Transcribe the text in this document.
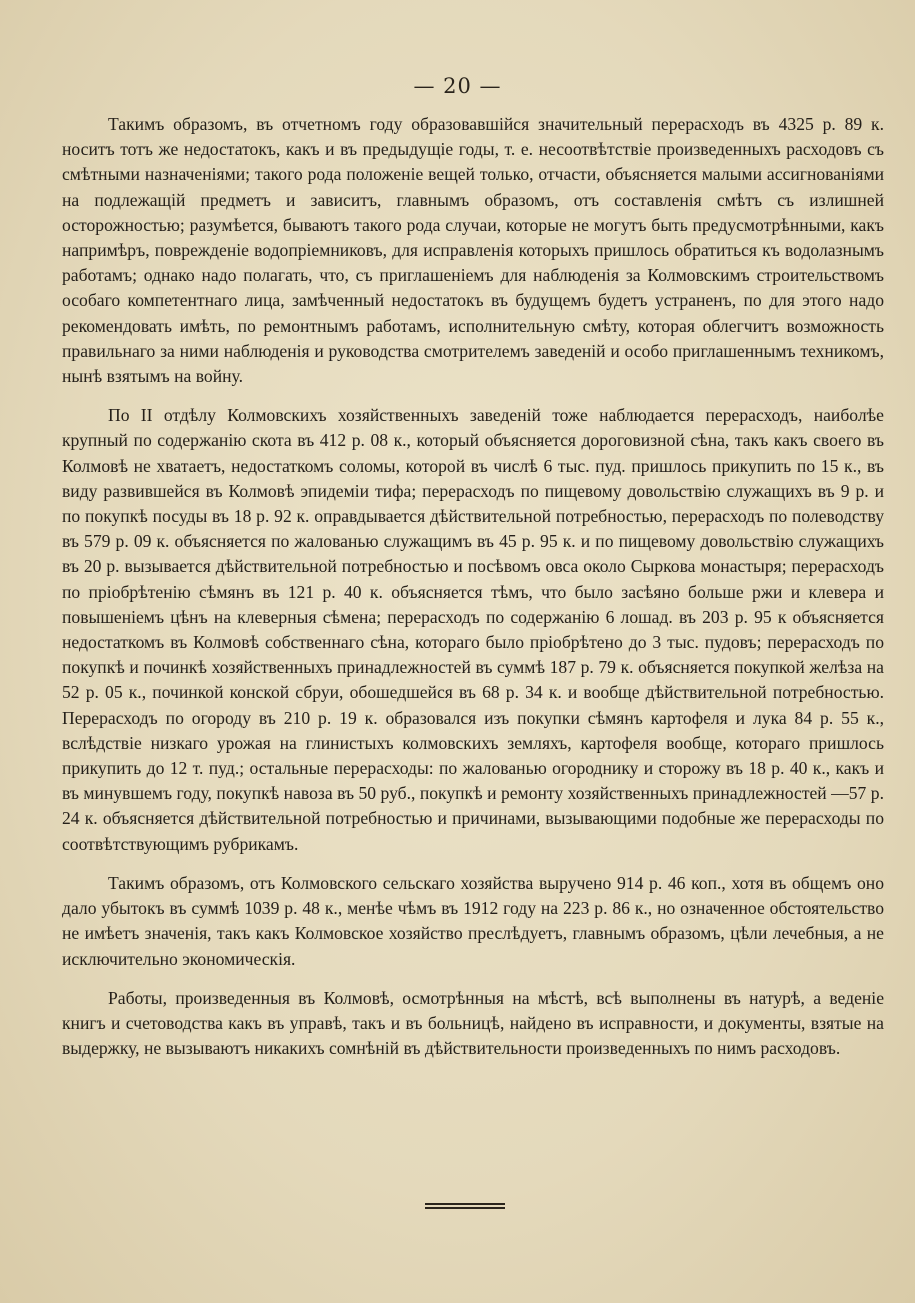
— 20 —

Такимъ образомъ, въ отчетномъ году образовавшійся значительный перерасходъ въ 4325 р. 89 к. носитъ тотъ же недостатокъ, какъ и въ предыдущіе годы, т. е. несоотвѣтствіе произведенныхъ расходовъ съ смѣтными назначеніями; такого рода положеніе вещей только, отчасти, объясняется малыми ассигнованіями на подлежащій предметъ и зависитъ, главнымъ образомъ, отъ составленія смѣтъ съ излишней осторожностью; разумѣется, бываютъ такого рода случаи, которые не могутъ быть предусмотрѣнными, какъ напримѣръ, поврежденіе водопріемниковъ, для исправленія которыхъ пришлось обратиться къ водолазнымъ работамъ; однако надо полагать, что, съ приглашеніемъ для наблюденія за Колмовскимъ строительствомъ особаго компетентнаго лица, замѣченный недостатокъ въ будущемъ будетъ устраненъ, по для этого надо рекомендовать имѣть, по ремонтнымъ работамъ, исполнительную смѣту, которая облегчитъ возможность правильнаго за ними наблюденія и руководства смотрителемъ заведеній и особо приглашеннымъ техникомъ, нынѣ взятымъ на войну.

По II отдѣлу Колмовскихъ хозяйственныхъ заведеній тоже наблюдается перерасходъ, наиболѣе крупный по содержанію скота въ 412 р. 08 к., который объясняется дороговизной сѣна, такъ какъ своего въ Колмовѣ не хватаетъ, недостаткомъ соломы, которой въ числѣ 6 тыс. пуд. пришлось прикупить по 15 к., въ виду развившейся въ Колмовѣ эпидеміи тифа; перерасходъ по пищевому довольствію служащихъ въ 9 р. и по покупкѣ посуды въ 18 р. 92 к. оправдывается дѣйствительной потребностью, перерасходъ по полеводству въ 579 р. 09 к. объясняется по жалованью служащимъ въ 45 р. 95 к. и по пищевому довольствію служащихъ въ 20 р. вызывается дѣйствительной потребностью и посѣвомъ овса около Сыркова монастыря; перерасходъ по пріобрѣтенію сѣмянъ въ 121 р. 40 к. объясняется тѣмъ, что было засѣяно больше ржи и клевера и повышеніемъ цѣнъ на клеверныя сѣмена; перерасходъ по содержанію 6 лошад. въ 203 р. 95 к объясняется недостаткомъ въ Колмовѣ собственнаго сѣна, котораго было пріобрѣтено до 3 тыс. пудовъ; перерасходъ по покупкѣ и починкѣ хозяйственныхъ принадлежностей въ суммѣ 187 р. 79 к. объясняется покупкой желѣза на 52 р. 05 к., починкой конской сбруи, обошедшейся въ 68 р. 34 к. и вообще дѣйствительной потребностью. Перерасходъ по огороду въ 210 р. 19 к. образовался изъ покупки сѣмянъ картофеля и лука 84 р. 55 к., вслѣдствіе низкаго урожая на глинистыхъ колмовскихъ земляхъ, картофеля вообще, котораго пришлось прикупить до 12 т. пуд.; остальные перерасходы: по жалованью огороднику и сторожу въ 18 р. 40 к., какъ и въ минувшемъ году, покупкѣ навоза въ 50 руб., покупкѣ и ремонту хозяйственныхъ принадлежностей —57 р. 24 к. объясняется дѣйствительной потребностью и причинами, вызывающими подобные же перерасходы по соотвѣтствующимъ рубрикамъ.

Такимъ образомъ, отъ Колмовского сельскаго хозяйства выручено 914 р. 46 коп., хотя въ общемъ оно дало убытокъ въ суммѣ 1039 р. 48 к., менѣе чѣмъ въ 1912 году на 223 р. 86 к., но означенное обстоятельство не имѣетъ значенія, такъ какъ Колмовское хозяйство преслѣдуетъ, главнымъ образомъ, цѣли лечебныя, а не исключительно экономическія.

Работы, произведенныя въ Колмовѣ, осмотрѣнныя на мѣстѣ, всѣ выполнены въ натурѣ, а веденіе книгъ и счетоводства какъ въ управѣ, такъ и въ больницѣ, найдено въ исправности, и документы, взятые на выдержку, не вызываютъ никакихъ сомнѣній въ дѣйствительности произведенныхъ по нимъ расходовъ.
